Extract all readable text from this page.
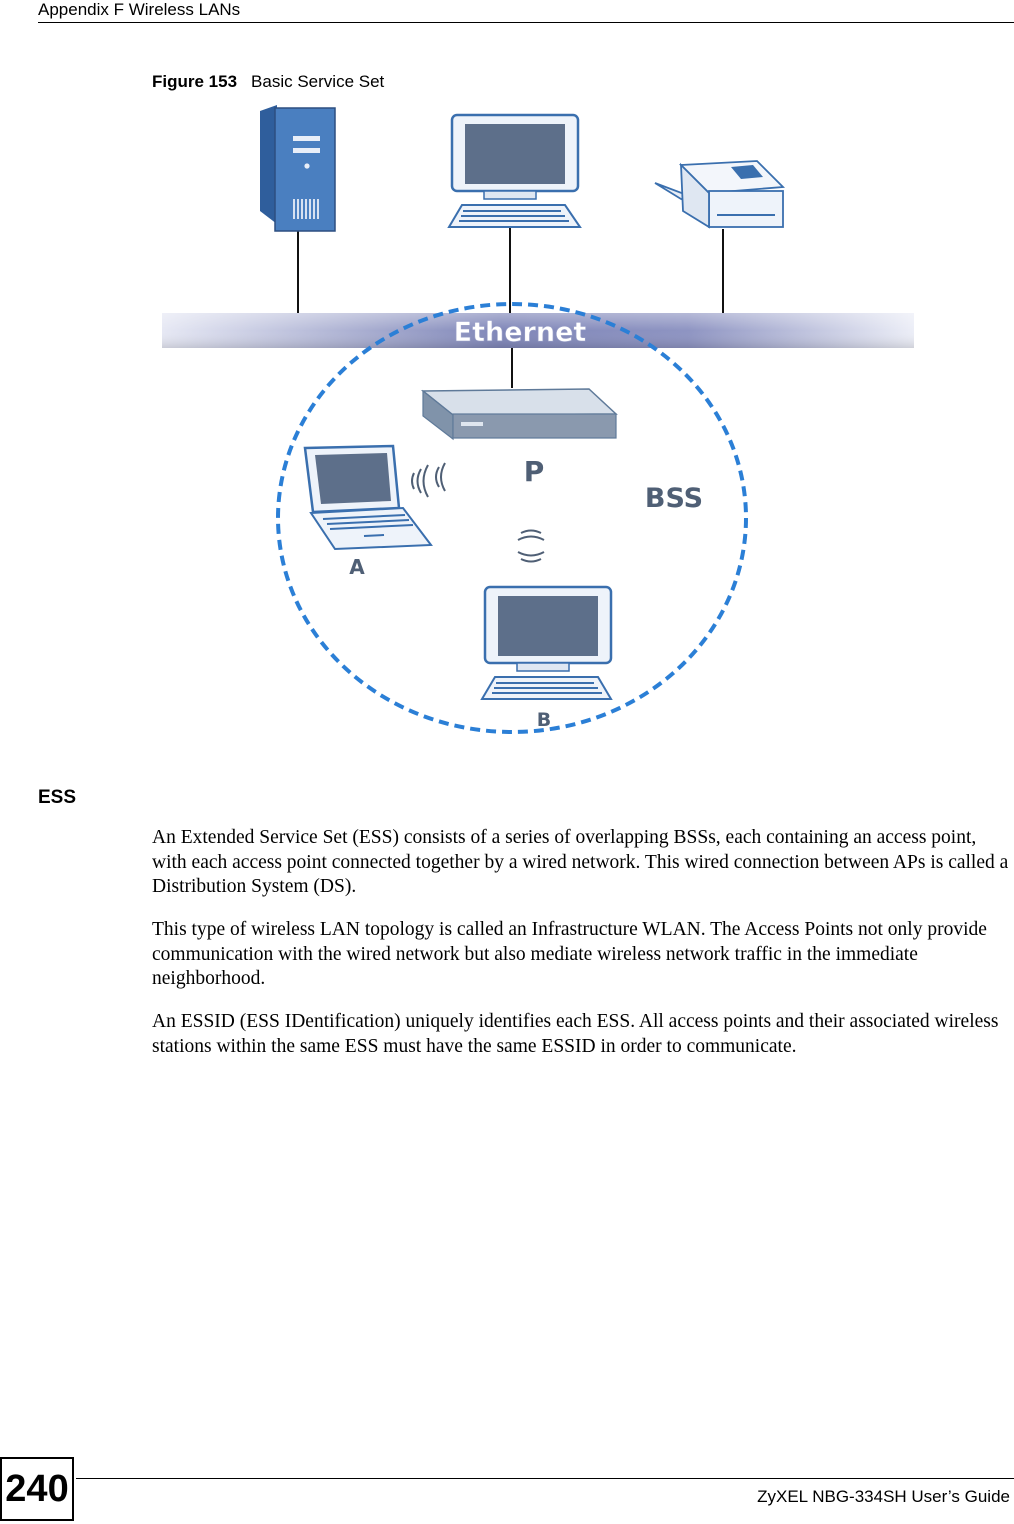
Appendix F Wireless LANs
Figure 153 Basic Service Set
Ethernet
P
BSS
A
B
ESS

An Extended Service Set (ESS) consists of a series of overlapping BSSs, each containing an access point, with each access point connected together by a wired network. This wired connection between APs is called a Distribution System (DS).

This type of wireless LAN topology is called an Infrastructure WLAN. The Access Points not only provide communication with the wired network but also mediate wireless network traffic in the immediate neighborhood.

An ESSID (ESS IDentification) uniquely identifies each ESS. All access points and their associated wireless stations within the same ESS must have the same ESSID in order to communicate.

240	ZyXEL NBG-334SH User’s Guide
